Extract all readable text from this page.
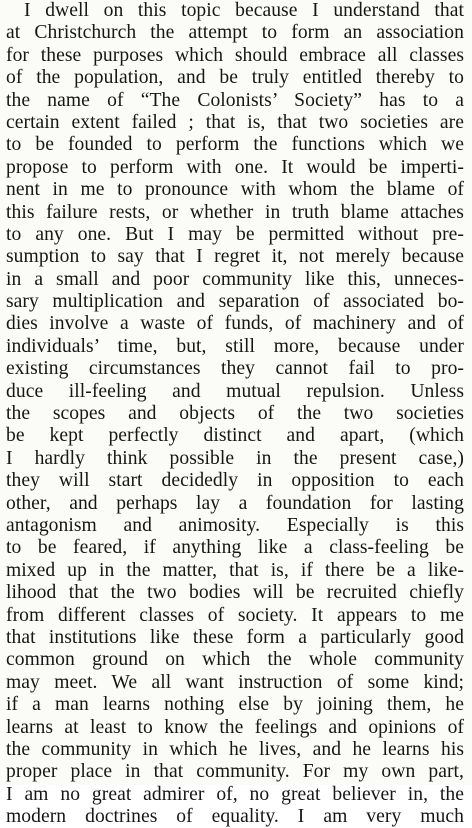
I dwell on this topic because I understand that
at Christchurch the attempt to form an association
for these purposes which should embrace all classes
of the population, and be truly entitled thereby to
the name of “The Colonists’ Society” has to a
certain extent failed ; that is, that two societies are
to be founded to perform the functions which we
propose to perform with one. It would be imperti-
nent in me to pronounce with whom the blame of
this failure rests, or whether in truth blame attaches
to any one. But I may be permitted without pre-
sumption to say that I regret it, not merely because
in a small and poor community like this, unneces-
sary multiplication and separation of associated bo-
dies involve a waste of funds, of machinery and of
individuals’ time, but, still more, because under
existing circumstances they cannot fail to pro-
duce ill-feeling and mutual repulsion. Unless
the scopes and objects of the two societies
be kept perfectly distinct and apart, (which
I hardly think possible in the present case,)
they will start decidedly in opposition to each
other, and perhaps lay a foundation for lasting
antagonism and animosity. Especially is this
to be feared, if anything like a class-feeling be
mixed up in the matter, that is, if there be a like-
lihood that the two bodies will be recruited chiefly
from different classes of society. It appears to me
that institutions like these form a particularly good
common ground on which the whole community
may meet. We all want instruction of some kind;
if a man learns nothing else by joining them, he
learns at least to know the feelings and opinions of
the community in which he lives, and he learns his
proper place in that community. For my own part,
I am no great admirer of, no great believer in, the
modern doctrines of equality. I am very much
